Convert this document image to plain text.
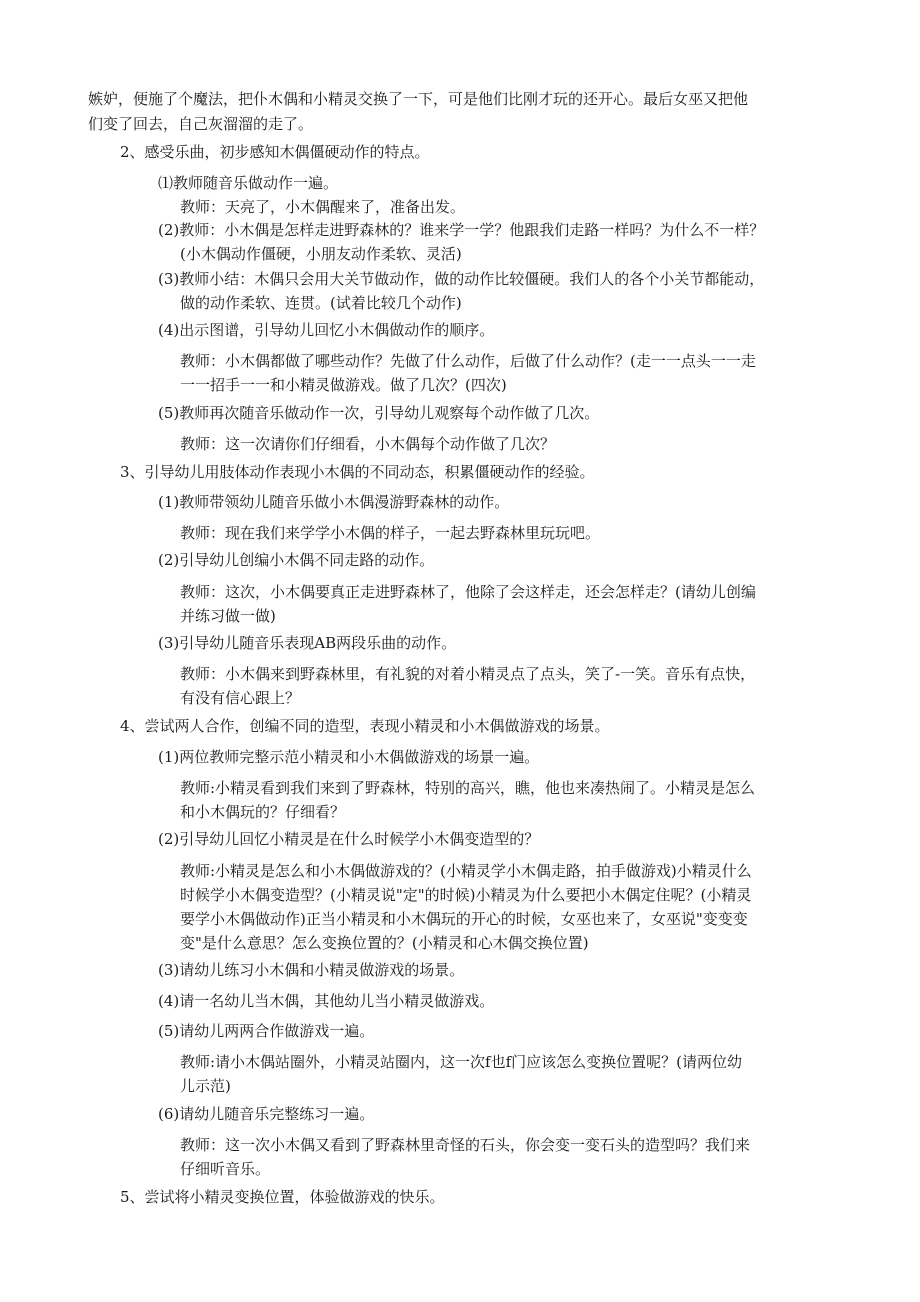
嫉妒，便施了个魔法，把仆木偶和小精灵交换了一下，可是他们比刚才玩的还开心。最后女巫又把他
们变了回去，自己灰溜溜的走了。
2、感受乐曲，初步感知木偶僵硬动作的特点。
⑴教师随音乐做动作一遍。
教师：天亮了，小木偶醒来了，准备出发。
(2)教师：小木偶是怎样走进野森林的？谁来学一学？他跟我们走路一样吗？为什么不一样？
(小木偶动作僵硬，小朋友动作柔软、灵活)
(3)教师小结：木偶只会用大关节做动作，做的动作比较僵硬。我们人的各个小关节都能动，
做的动作柔软、连贯。(试着比较几个动作)
(4)出示图谱，引导幼儿回忆小木偶做动作的顺序。
教师：小木偶都做了哪些动作？先做了什么动作，后做了什么动作？(走一一点头一一走
一一招手一一和小精灵做游戏。做了几次？(四次)
(5)教师再次随音乐做动作一次，引导幼儿观察每个动作做了几次。
教师：这一次请你们仔细看，小木偶每个动作做了几次？
3、引导幼儿用肢体动作表现小木偶的不同动态，积累僵硬动作的经验。
(1)教师带领幼儿随音乐做小木偶漫游野森林的动作。
教师：现在我们来学学小木偶的样子，一起去野森林里玩玩吧。
(2)引导幼儿创编小木偶不同走路的动作。
教师：这次，小木偶要真正走进野森林了，他除了会这样走，还会怎样走？(请幼儿创编
并练习做一做)
(3)引导幼儿随音乐表现AB两段乐曲的动作。
教师：小木偶来到野森林里，有礼貌的对着小精灵点了点头，笑了-一笑。音乐有点快，
有没有信心跟上？
4、尝试两人合作，创编不同的造型，表现小精灵和小木偶做游戏的场景。
(1)两位教师完整示范小精灵和小木偶做游戏的场景一遍。
教师:小精灵看到我们来到了野森林，特别的高兴，瞧，他也来凑热闹了。小精灵是怎么
和小木偶玩的？仔细看？
(2)引导幼儿回忆小精灵是在什么时候学小木偶变造型的？
教师:小精灵是怎么和小木偶做游戏的？(小精灵学小木偶走路，拍手做游戏)小精灵什么
时候学小木偶变造型？(小精灵说"定"的时候)小精灵为什么要把小木偶定住呢？(小精灵
要学小木偶做动作)正当小精灵和小木偶玩的开心的时候，女巫也来了，女巫说"变变变
变"是什么意思？怎么变换位置的？(小精灵和心木偶交换位置)
(3)请幼儿练习小木偶和小精灵做游戏的场景。
(4)请一名幼儿当木偶，其他幼儿当小精灵做游戏。
(5)请幼儿两两合作做游戏一遍。
教师:请小木偶站圈外，小精灵站圈内，这一次f也f门应该怎么变换位置呢？(请两位幼
儿示范)
(6)请幼儿随音乐完整练习一遍。
教师：这一次小木偶又看到了野森林里奇怪的石头，你会变一变石头的造型吗？我们来
仔细听音乐。
5、尝试将小精灵变换位置，体验做游戏的快乐。
